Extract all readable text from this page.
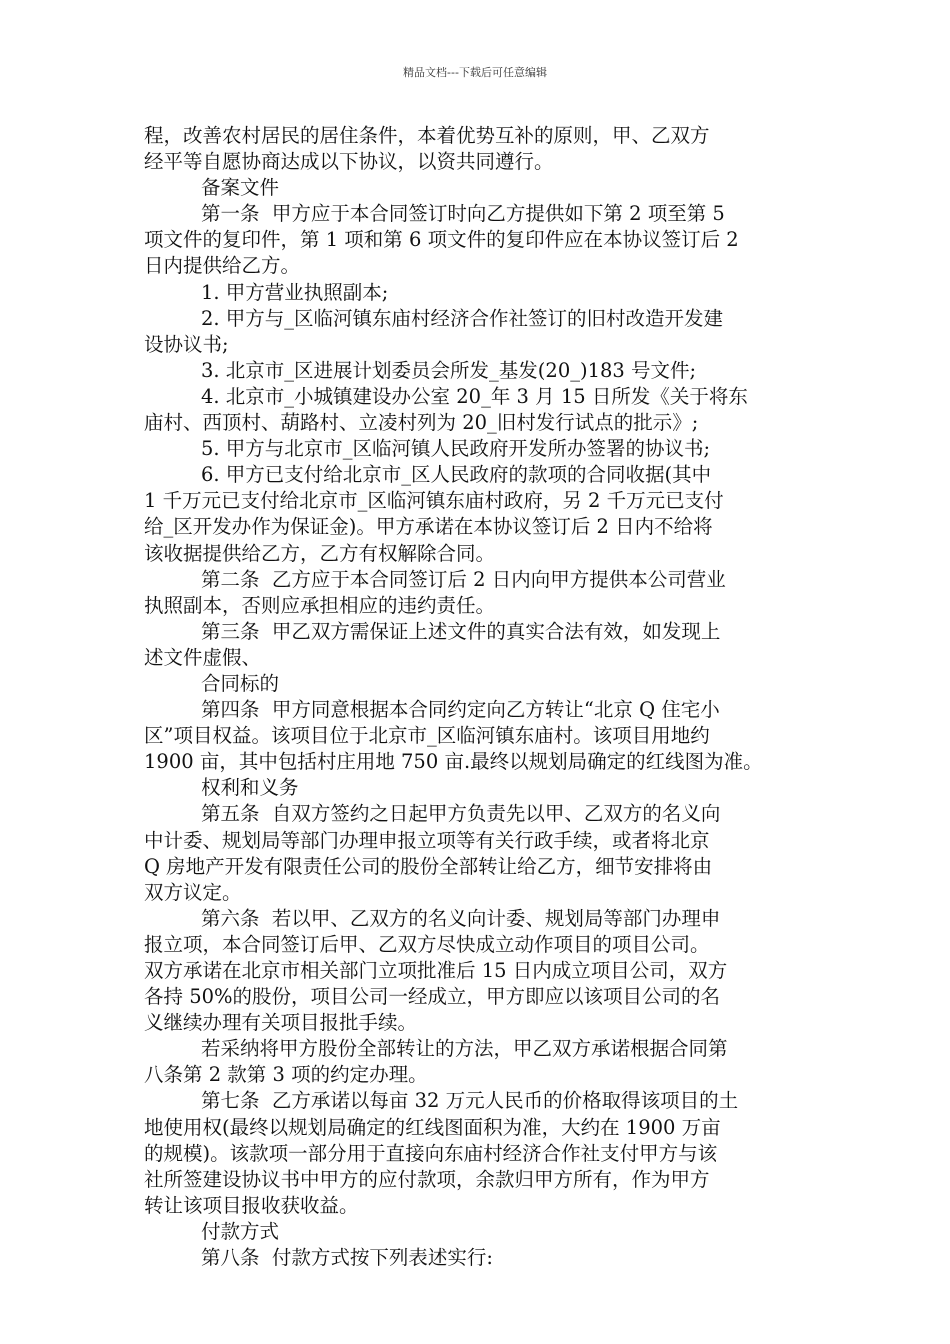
精品文档---下载后可任意编辑
程，改善农村居民的居住条件，本着优势互补的原则，甲、乙双方
经平等自愿协商达成以下协议，以资共同遵行。
备案文件
第一条  甲方应于本合同签订时向乙方提供如下第 2 项至第 5
项文件的复印件，第 1 项和第 6 项文件的复印件应在本协议签订后 2
日内提供给乙方。
1. 甲方营业执照副本;
2. 甲方与_区临河镇东庙村经济合作社签订的旧村改造开发建
设协议书;
3. 北京市_区进展计划委员会所发_基发(20_)183 号文件;
4. 北京市_小城镇建设办公室 20_年 3 月 15 日所发《关于将东
庙村、西顶村、葫路村、立凌村列为 20_旧村发行试点的批示》;
5. 甲方与北京市_区临河镇人民政府开发所办签署的协议书;
6. 甲方已支付给北京市_区人民政府的款项的合同收据(其中
1 千万元已支付给北京市_区临河镇东庙村政府，另 2 千万元已支付
给_区开发办作为保证金)。甲方承诺在本协议签订后 2 日内不给将
该收据提供给乙方，乙方有权解除合同。
第二条  乙方应于本合同签订后 2 日内向甲方提供本公司营业
执照副本，否则应承担相应的违约责任。
第三条  甲乙双方需保证上述文件的真实合法有效，如发现上
述文件虚假、
合同标的
第四条  甲方同意根据本合同约定向乙方转让“北京 Q 住宅小
区”项目权益。该项目位于北京市_区临河镇东庙村。该项目用地约
1900 亩，其中包括村庄用地 750 亩.最终以规划局确定的红线图为准。
权利和义务
第五条  自双方签约之日起甲方负责先以甲、乙双方的名义向
中计委、规划局等部门办理申报立项等有关行政手续，或者将北京
Q 房地产开发有限责任公司的股份全部转让给乙方，细节安排将由
双方议定。
第六条  若以甲、乙双方的名义向计委、规划局等部门办理申
报立项，本合同签订后甲、乙双方尽快成立动作项目的项目公司。
双方承诺在北京市相关部门立项批准后 15 日内成立项目公司，双方
各持 50%的股份，项目公司一经成立，甲方即应以该项目公司的名
义继续办理有关项目报批手续。
若采纳将甲方股份全部转让的方法，甲乙双方承诺根据合同第
八条第 2 款第 3 项的约定办理。
第七条  乙方承诺以每亩 32 万元人民币的价格取得该项目的土
地使用权(最终以规划局确定的红线图面积为准，大约在 1900 万亩
的规模)。该款项一部分用于直接向东庙村经济合作社支付甲方与该
社所签建设协议书中甲方的应付款项，余款归甲方所有，作为甲方
转让该项目报收获收益。
付款方式
第八条  付款方式按下列表述实行:
